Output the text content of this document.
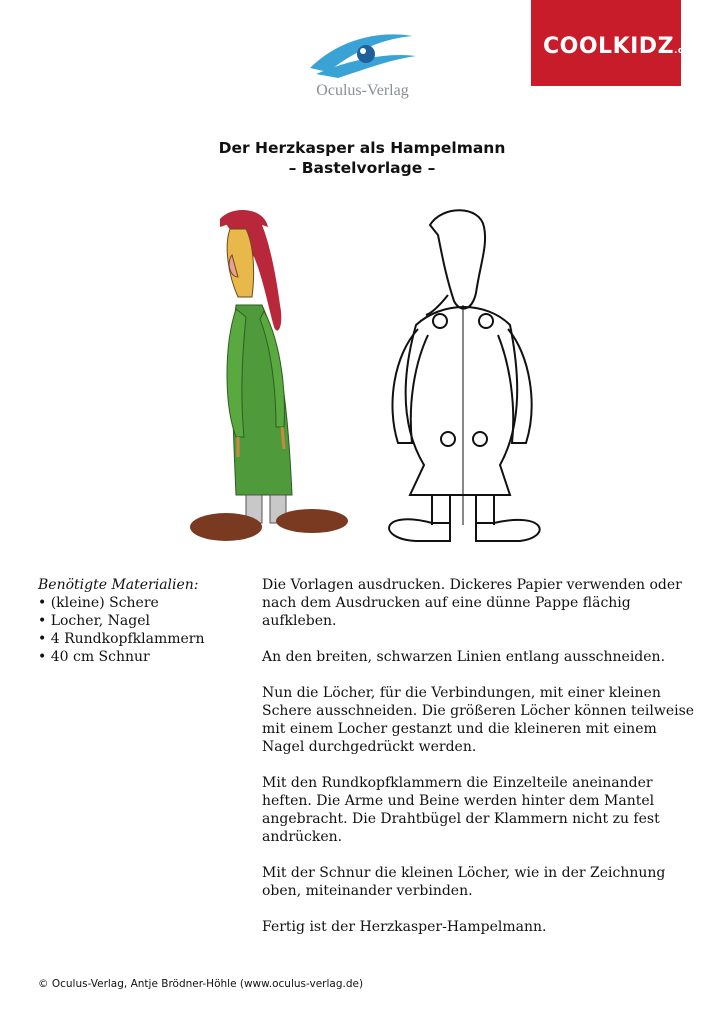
Oculus-Verlag
COOLKIDZ.de
Der Herzkasper als Hampelmann
– Bastelvorlage –
Benötigte Materialien:
• (kleine) Schere
• Locher, Nagel
• 4 Rundkopfklammern
• 40 cm Schnur

Die Vorlagen ausdrucken. Dickeres Papier verwenden oder nach dem Ausdrucken auf eine dünne Pappe flächig aufkleben.

An den breiten, schwarzen Linien entlang ausschneiden.

Nun die Löcher, für die Verbindungen, mit einer kleinen Schere ausschneiden. Die größeren Löcher können teilweise mit einem Locher gestanzt und die kleineren mit einem Nagel durchgedrückt werden.

Mit den Rundkopfklammern die Einzelteile aneinander heften. Die Arme und Beine werden hinter dem Mantel angebracht. Die Drahtbügel der Klammern nicht zu fest andrücken.

Mit der Schnur die kleinen Löcher, wie in der Zeichnung oben, miteinander verbinden.

Fertig ist der Herzkasper-Hampelmann.

© Oculus-Verlag, Antje Brödner-Höhle (www.oculus-verlag.de)
